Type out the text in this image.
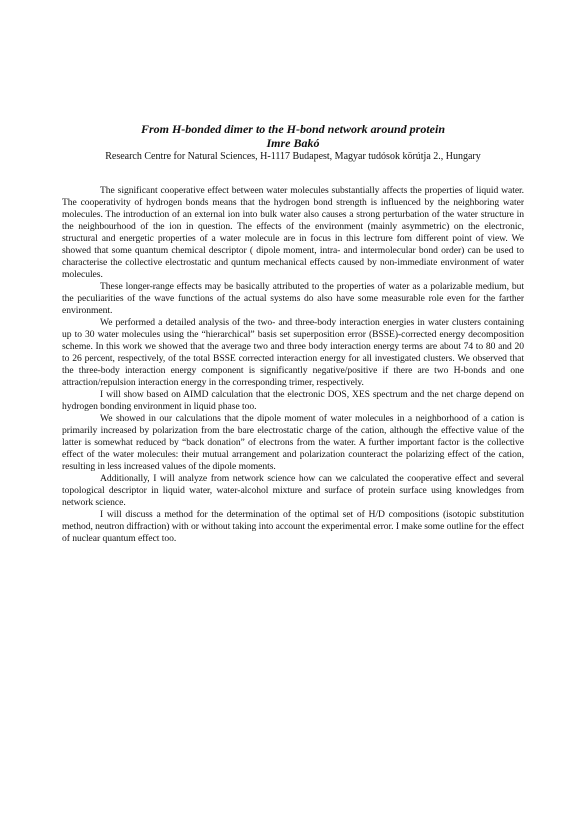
From H-bonded dimer to the H-bond network around protein

Imre Bakó

Research Centre for Natural Sciences, H-1117 Budapest, Magyar tudósok körútja 2., Hungary

The significant cooperative effect between water molecules substantially affects the properties of liquid water. The cooperativity of hydrogen bonds means that the hydrogen bond strength is influenced by the neighboring water molecules. The introduction of an external ion into bulk water also causes a strong perturbation of the water structure in the neighbourhood of the ion in question. The effects of the environment (mainly asymmetric) on the electronic, structural and energetic properties of a water molecule are in focus in this lectrure fom different point of view. We showed that some quantum chemical descriptor ( dipole moment, intra- and intermolecular bond order) can be used to characterise the collective electrostatic and quntum mechanical effects caused by non-immediate environment of water molecules.

These longer-range effects may be basically attributed to the properties of water as a polarizable medium, but the peculiarities of the wave functions of the actual systems do also have some measurable role even for the farther environment.

We performed a detailed analysis of the two- and three-body interaction energies in water clusters containing up to 30 water molecules using the “hierarchical” basis set superposition error (BSSE)-corrected energy decomposition scheme. In this work we showed that the average two and three body interaction energy terms are about 74 to 80 and 20 to 26 percent, respectively, of the total BSSE corrected interaction energy for all investigated clusters. We observed that the three-body interaction energy component is significantly negative/positive if there are two H-bonds and one attraction/repulsion interaction energy in the corresponding trimer, respectively.

I will show based on AIMD calculation that the electronic DOS, XES spectrum and the net charge depend on hydrogen bonding environment in liquid phase too.

We showed in our calculations that the dipole moment of water molecules in a neighborhood of a cation is primarily increased by polarization from the bare electrostatic charge of the cation, although the effective value of the latter is somewhat reduced by “back donation” of electrons from the water. A further important factor is the collective effect of the water molecules: their mutual arrangement and polarization counteract the polarizing effect of the cation, resulting in less increased values of the dipole moments.

Additionally, I will analyze from network science how can we calculated the cooperative effect and several topological descriptor in liquid water, water-alcohol mixture and surface of protein surface using knowledges from network science.

I will discuss a method for the determination of the optimal set of H/D compositions (isotopic substitution method, neutron diffraction) with or without taking into account the experimental error. I make some outline for the effect of nuclear quantum effect too.
